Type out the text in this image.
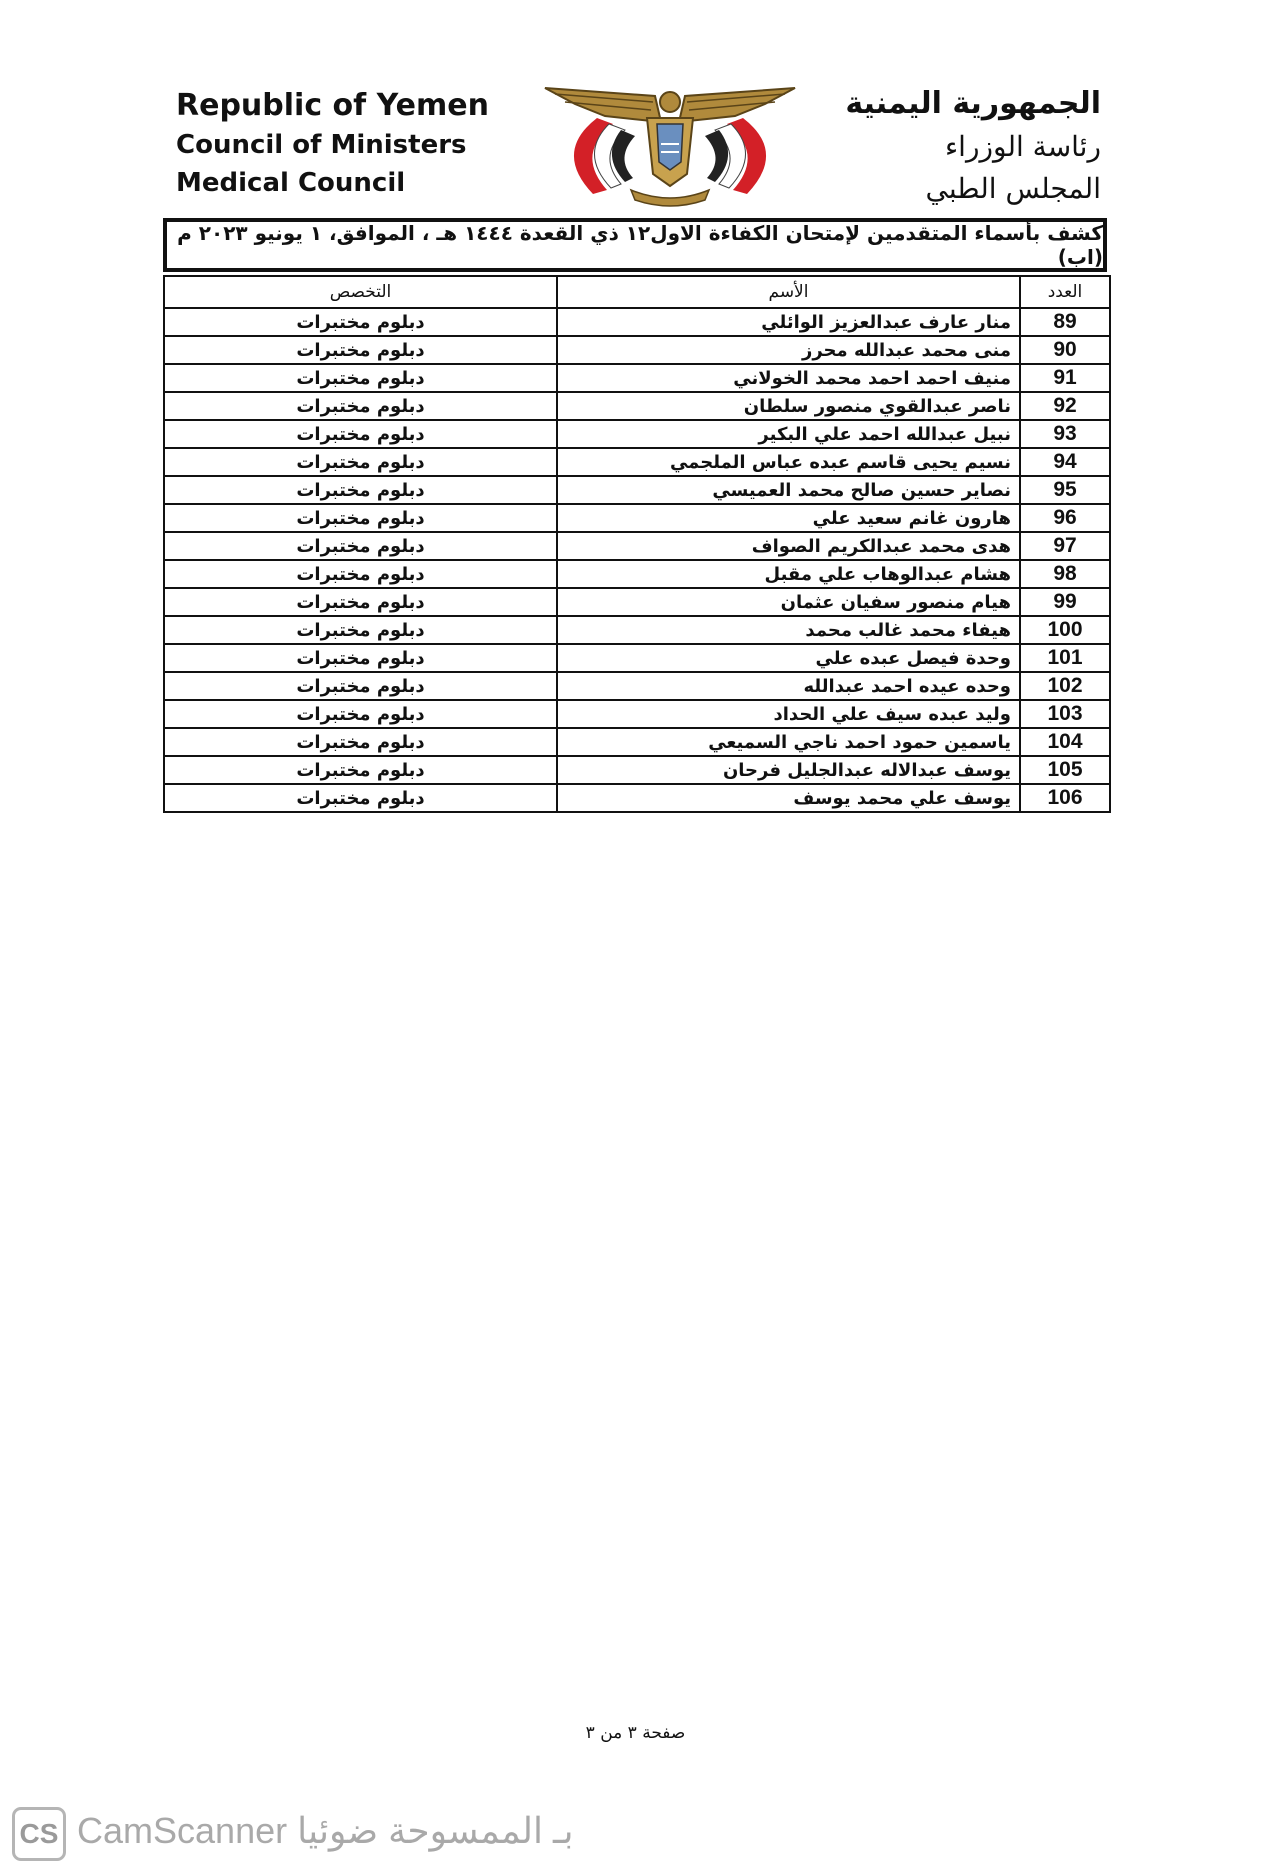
Republic of Yemen
Council of Ministers
Medical Council
الجمهورية اليمنية
رئاسة الوزراء
المجلس الطبي
كشف بأسماء المتقدمين لإمتحان الكفاءة الاول١٢ ذي القعدة ١٤٤٤ هـ ، الموافق، ١ يونيو ٢٠٢٣ م (اب)
العدد	الأسم	التخصص
89	منار عارف عبدالعزيز الوائلي	دبلوم مختبرات
90	منى محمد عبدالله محرز	دبلوم مختبرات
91	منيف احمد احمد محمد الخولاني	دبلوم مختبرات
92	ناصر عبدالقوي منصور سلطان	دبلوم مختبرات
93	نبيل عبدالله احمد علي البكير	دبلوم مختبرات
94	نسيم يحيى قاسم عبده عباس الملجمي	دبلوم مختبرات
95	نصاير حسين صالح محمد العميسي	دبلوم مختبرات
96	هارون غانم سعيد علي	دبلوم مختبرات
97	هدى محمد عبدالكريم الصواف	دبلوم مختبرات
98	هشام عبدالوهاب علي مقبل	دبلوم مختبرات
99	هيام منصور سفيان عثمان	دبلوم مختبرات
100	هيفاء محمد غالب محمد	دبلوم مختبرات
101	وحدة فيصل عبده علي	دبلوم مختبرات
102	وحده عيده احمد عبدالله	دبلوم مختبرات
103	وليد عبده سيف علي الحداد	دبلوم مختبرات
104	ياسمين حمود احمد ناجي السميعي	دبلوم مختبرات
105	يوسف عبدالاله عبدالجليل فرحان	دبلوم مختبرات
106	يوسف علي محمد يوسف	دبلوم مختبرات
صفحة ٣ من ٣
CS CamScanner بـ الممسوحة ضوئيا
